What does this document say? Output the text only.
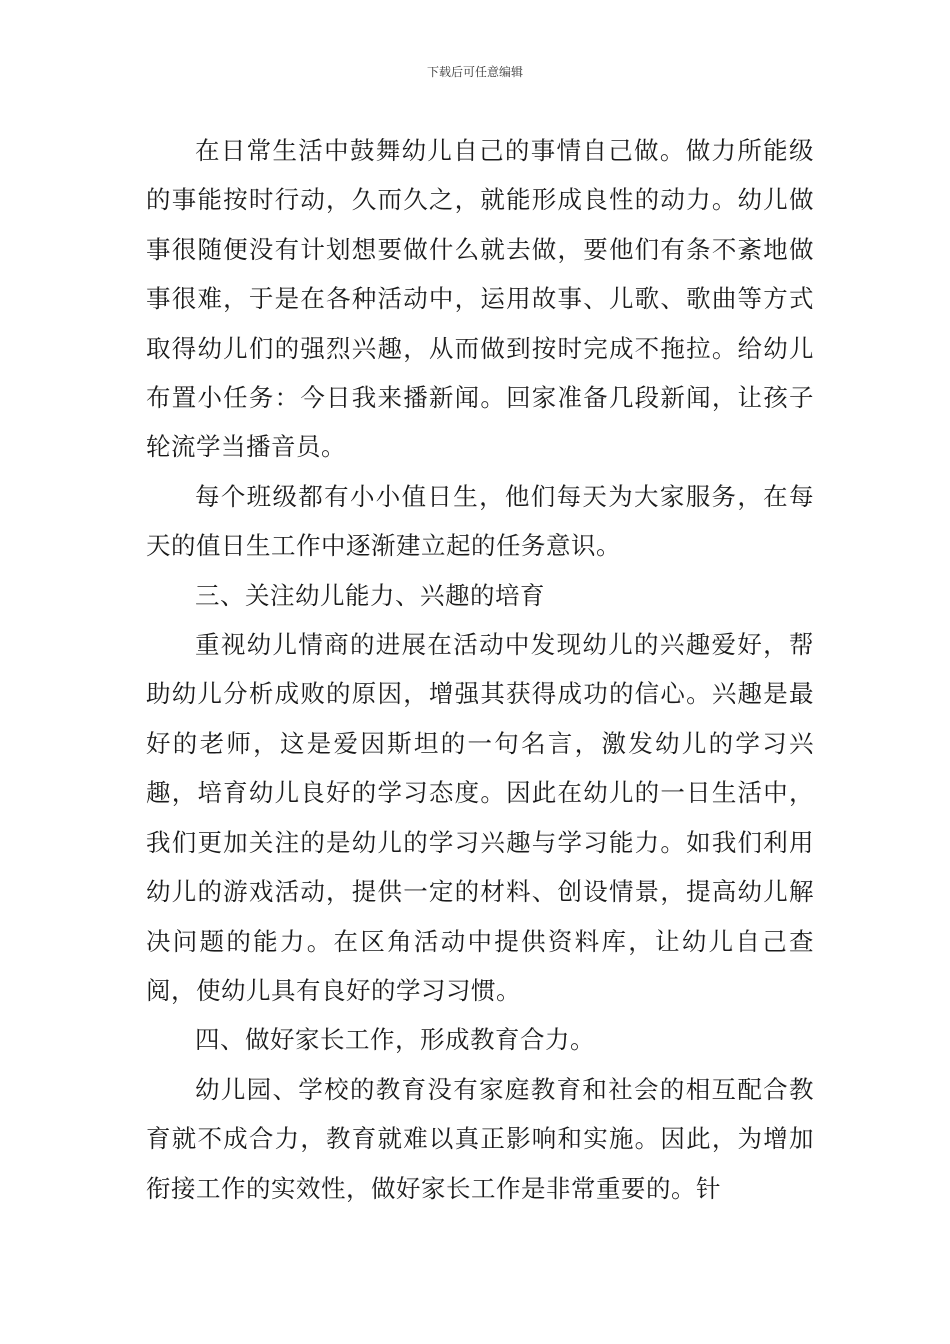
下载后可任意编辑

在日常生活中鼓舞幼儿自己的事情自己做。做力所能级的事能按时行动，久而久之，就能形成良性的动力。幼儿做事很随便没有计划想要做什么就去做，要他们有条不紊地做事很难，于是在各种活动中，运用故事、儿歌、歌曲等方式取得幼儿们的强烈兴趣，从而做到按时完成不拖拉。给幼儿布置小任务：今日我来播新闻。回家准备几段新闻，让孩子轮流学当播音员。

每个班级都有小小值日生，他们每天为大家服务，在每天的值日生工作中逐渐建立起的任务意识。

三、关注幼儿能力、兴趣的培育

重视幼儿情商的进展在活动中发现幼儿的兴趣爱好，帮助幼儿分析成败的原因，增强其获得成功的信心。兴趣是最好的老师，这是爱因斯坦的一句名言，激发幼儿的学习兴趣，培育幼儿良好的学习态度。因此在幼儿的一日生活中，我们更加关注的是幼儿的学习兴趣与学习能力。如我们利用幼儿的游戏活动，提供一定的材料、创设情景，提高幼儿解决问题的能力。在区角活动中提供资料库，让幼儿自己查阅，使幼儿具有良好的学习习惯。

四、做好家长工作，形成教育合力。

幼儿园、学校的教育没有家庭教育和社会的相互配合教育就不成合力，教育就难以真正影响和实施。因此，为增加衔接工作的实效性，做好家长工作是非常重要的。针
